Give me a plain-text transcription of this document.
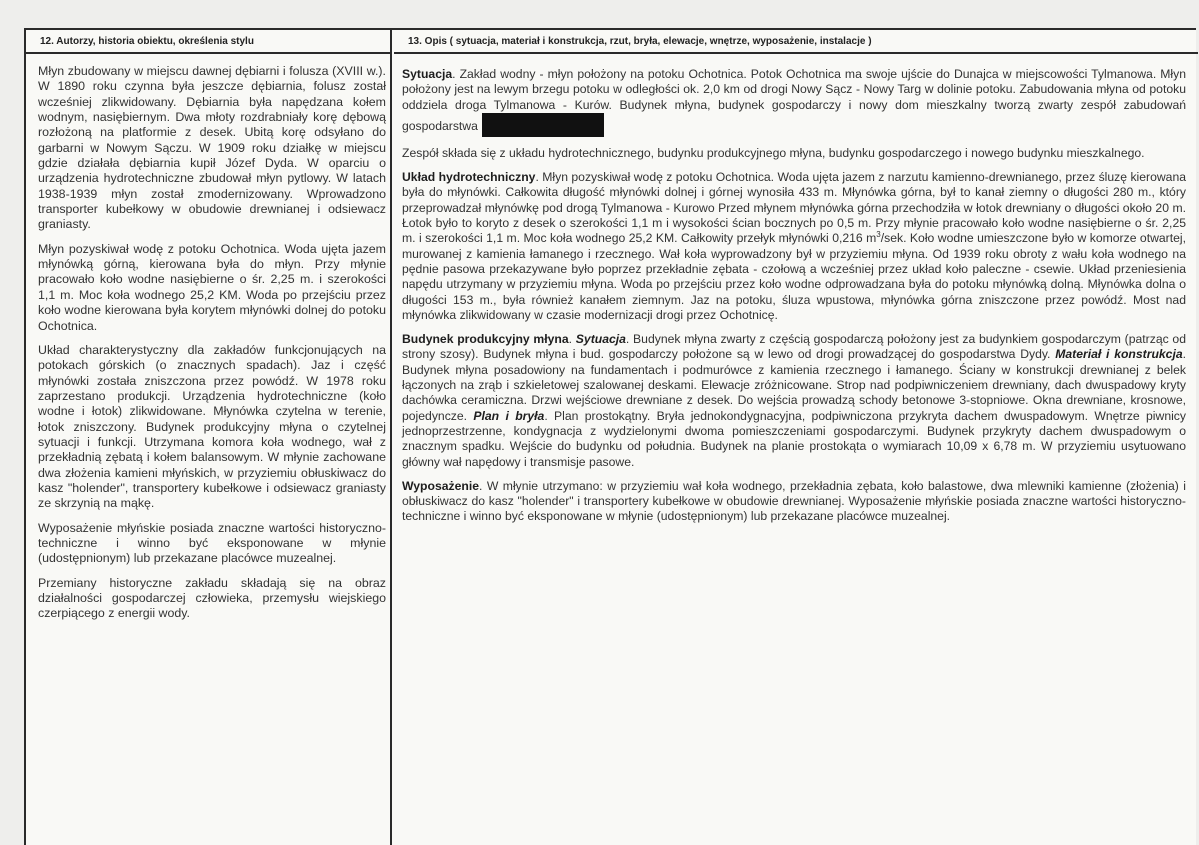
12. Autorzy, historia obiektu, określenia stylu

Młyn zbudowany w miejscu dawnej dębiarni i folusza (XVIII w.). W 1890 roku czynna była jeszcze dębiarnia, folusz został wcześniej zlikwidowany. Dębiarnia była napędzana kołem wodnym, nasiębiernym. Dwa młoty rozdrabniały korę dębową rozłożoną na platformie z desek. Ubitą korę odsyłano do garbarni w Nowym Sączu. W 1909 roku działkę w miejscu gdzie działała dębiarnia kupił Józef Dyda. W oparciu o urządzenia hydrotechniczne zbudował młyn pytlowy. W latach 1938-1939 młyn został zmodernizowany. Wprowadzono transporter kubełkowy w obudowie drewnianej i odsiewacz graniasty.

Młyn pozyskiwał wodę z potoku Ochotnica. Woda ujęta jazem młynówką górną, kierowana była do młyn. Przy młynie pracowało koło wodne nasiębierne o śr. 2,25 m. i szerokości 1,1 m. Moc koła wodnego 25,2 KM. Woda po przejściu przez koło wodne kierowana była korytem młynówki dolnej do potoku Ochotnica.

Układ charakterystyczny dla zakładów funkcjonujących na potokach górskich (o znacznych spadach). Jaz i część młynówki została zniszczona przez powódź. W 1978 roku zaprzestano produkcji. Urządzenia hydrotechniczne (koło wodne i łotok) zlikwidowane. Młynówka czytelna w terenie, łotok zniszczony. Budynek produkcyjny młyna o czytelnej sytuacji i funkcji. Utrzymana komora koła wodnego, wał z przekładnią zębatą i kołem balansowym. W młynie zachowane dwa złożenia kamieni młyńskich, w przyziemiu obłuskiwacz do kasz "holender", transportery kubełkowe i odsiewacz graniasty ze skrzynią na mąkę.

Wyposażenie młyńskie posiada znaczne wartości historyczno-techniczne i winno być eksponowane w młynie (udostępnionym) lub przekazane placówce muzealnej.

Przemiany historyczne zakładu składają się na obraz działalności gospodarczej człowieka, przemysłu wiejskiego czerpiącego z energii wody.

13. Opis ( sytuacja, materiał i konstrukcja, rzut, bryła, elewacje, wnętrze, wyposażenie, instalacje )

Sytuacja. Zakład wodny - młyn położony na potoku Ochotnica. Potok Ochotnica ma swoje ujście do Dunajca w miejscowości Tylmanowa. Młyn położony jest na lewym brzegu potoku w odległości ok. 2,0 km od drogi Nowy Sącz - Nowy Targ w dolinie potoku. Zabudowania młyna od potoku oddziela droga Tylmanowa - Kurów. Budynek młyna, budynek gospodarczy i nowy dom mieszkalny tworzą zwarty zespół zabudowań gospodarstwa

Zespół składa się z układu hydrotechnicznego, budynku produkcyjnego młyna, budynku gospodarczego i nowego budynku mieszkalnego.

Układ hydrotechniczny. Młyn pozyskiwał wodę z potoku Ochotnica. Woda ujęta jazem z narzutu kamienno-drewnianego, przez śluzę kierowana była do młynówki. Całkowita długość młynówki dolnej i górnej wynosiła 433 m. Młynówka górna, był to kanał ziemny o długości 280 m., który przeprowadzał młynówkę pod drogą Tylmanowa - Kurowo Przed młynem młynówka górna przechodziła w łotok drewniany o długości około 20 m. Łotok było to koryto z desek o szerokości 1,1 m i wysokości ścian bocznych po 0,5 m. Przy młynie pracowało koło wodne nasiębierne o śr. 2,25 m. i szerokości 1,1 m. Moc koła wodnego 25,2 KM. Całkowity przełyk młynówki 0,216 $m^3$/sek. Koło wodne umieszczone było w komorze otwartej, murowanej z kamienia łamanego i rzecznego. Wał koła wyprowadzony był w przyziemiu młyna. Od 1939 roku obroty z wału koła wodnego na pędnie pasowa przekazywane było poprzez przekładnie zębata - czołową a wcześniej przez układ koło paleczne - csewie. Układ przeniesienia napędu utrzymany w przyziemiu młyna. Woda po przejściu przez koło wodne odprowadzana była do potoku młynówką dolną. Młynówka dolna o długości 153 m., była również kanałem ziemnym. Jaz na potoku, śluza wpustowa, młynówka górna zniszczone przez powódź. Most nad młynówka zlikwidowany w czasie modernizacji drogi przez Ochotnicę.

Budynek produkcyjny młyna. Sytuacja. Budynek młyna zwarty z częścią gospodarczą położony jest za budynkiem gospodarczym (patrząc od strony szosy). Budynek młyna i bud. gospodarczy położone są w lewo od drogi prowadzącej do gospodarstwa Dydy. Materiał i konstrukcja. Budynek młyna posadowiony na fundamentach i podmurówce z kamienia rzecznego i łamanego. Ściany w konstrukcji drewnianej z belek łączonych na zrąb i szkieletowej szalowanej deskami. Elewacje zróżnicowane. Strop nad podpiwniczeniem drewniany, dach dwuspadowy kryty dachówka ceramiczna. Drzwi wejściowe drewniane z desek. Do wejścia prowadzą schody betonowe 3-stopniowe. Okna drewniane, krosnowe, pojedyncze. Plan i bryła. Plan prostokątny. Bryła jednokondygnacyjna, podpiwniczona przykryta dachem dwuspadowym. Wnętrze piwnicy jednoprzestrzenne, kondygnacja z wydzielonymi dwoma pomieszczeniami gospodarczymi. Budynek przykryty dachem dwuspadowym o znacznym spadku. Wejście do budynku od południa. Budynek na planie prostokąta o wymiarach 10,09 x 6,78 m. W przyziemiu usytuowano główny wał napędowy i transmisje pasowe.

Wyposażenie. W młynie utrzymano: w przyziemiu wał koła wodnego, przekładnia zębata, koło balastowe, dwa mlewniki kamienne (złożenia) i obłuskiwacz do kasz "holender" i transportery kubełkowe w obudowie drewnianej. Wyposażenie młyńskie posiada znaczne wartości historyczno-techniczne i winno być eksponowane w młynie (udostępnionym) lub przekazane placówce muzealnej.
